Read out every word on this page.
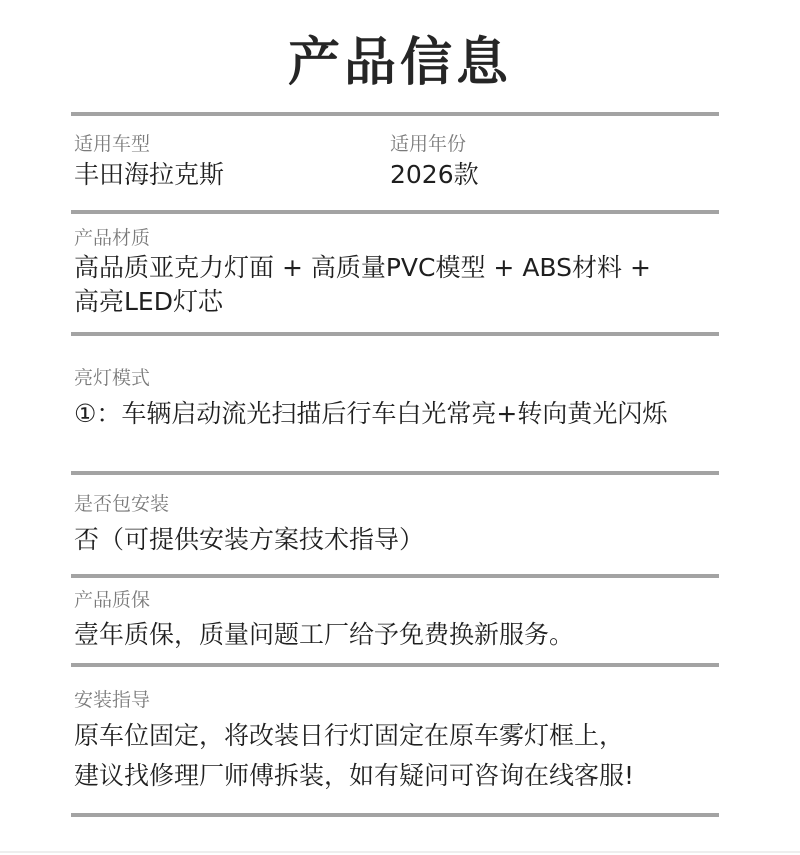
产品信息
适用车型
丰田海拉克斯
适用年份
2026款
产品材质
高品质亚克力灯面 + 高质量PVC模型 + ABS材料 +
高亮LED灯芯
亮灯模式
①：车辆启动流光扫描后行车白光常亮+转向黄光闪烁
是否包安装
否（可提供安装方案技术指导）
产品质保
壹年质保，质量问题工厂给予免费换新服务。
安装指导
原车位固定，将改装日行灯固定在原车雾灯框上，
建议找修理厂师傅拆装，如有疑问可咨询在线客服!
